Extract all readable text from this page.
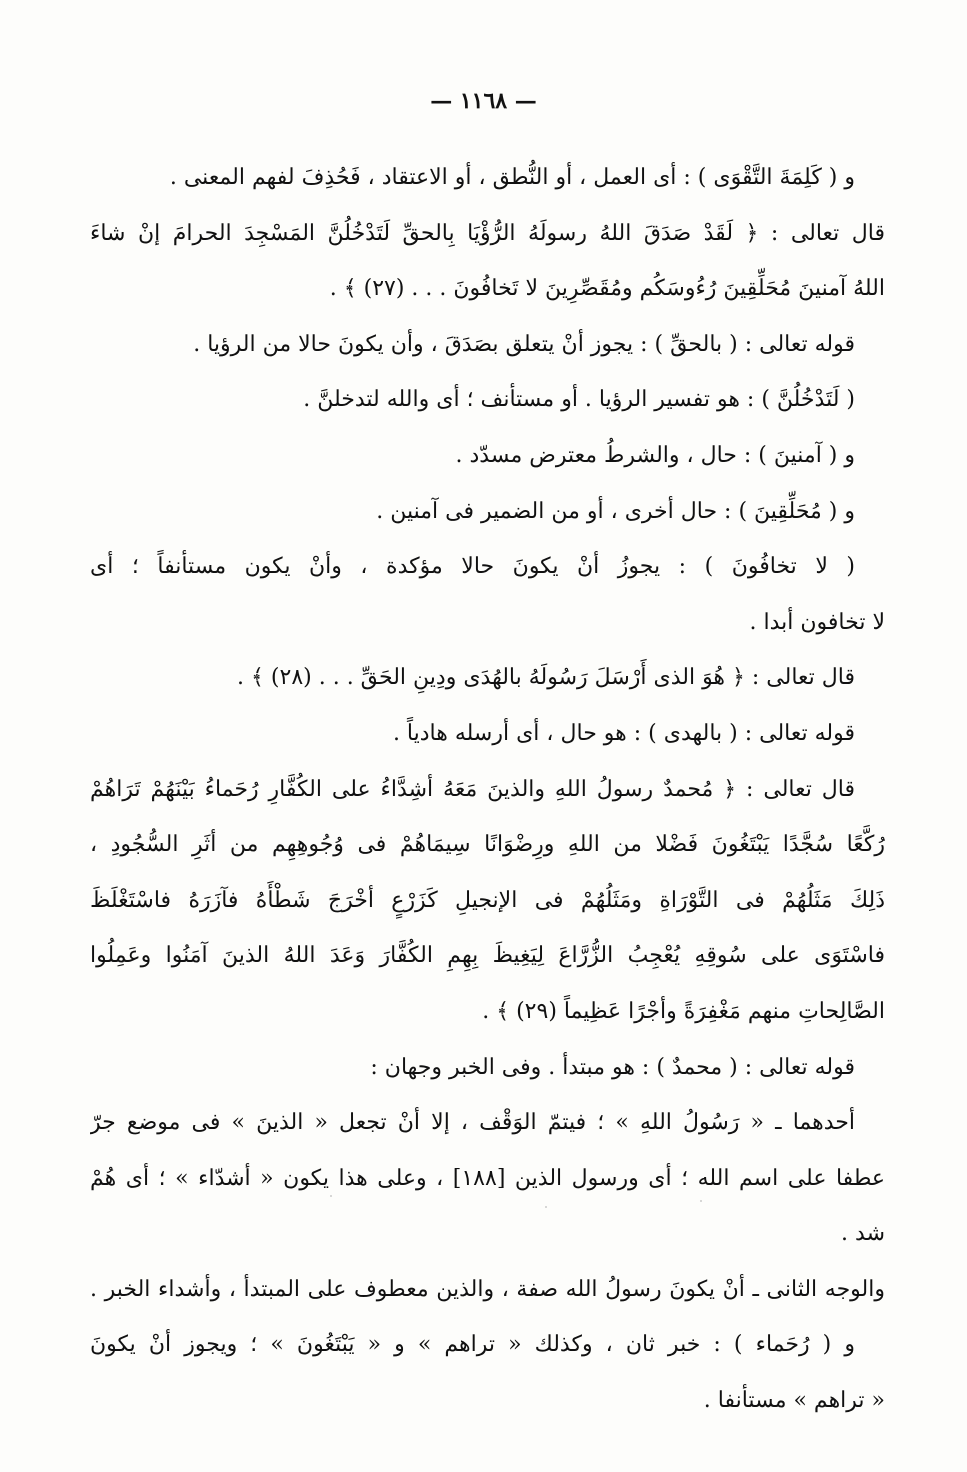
— ١١٦٨ —
و ( كَلِمَةَ التَّقْوَى ) : أى العمل ، أو النُّطق ، أو الاعتقاد ، فَحُذِفَ لفهم المعنى .
قال تعالى : ﴿ لَقَدْ صَدَقَ اللهُ رسولَهُ الرُّؤْيَا بِالحقِّ لَتَدْخُلُنَّ المَسْجِدَ الحرامَ إنْ شاءَ
اللهُ آمنينَ مُحَلِّقِينَ رُءُوسَكُم ومُقَصِّرِينَ لا تَخافُونَ . . . (٢٧) ﴾ .
قوله تعالى : ( بالحقِّ ) : يجوز أنْ يتعلق بصَدَقَ ، وأن يكونَ حالا من الرؤيا .
( لَتَدْخُلُنَّ ) : هو تفسير الرؤيا . أو مستأنف ؛ أى والله لتدخلنَّ .
و ( آمنينَ ) : حال ، والشرطُ معترض مسدّد .
و ( مُحَلِّقِينَ ) : حال أخرى ، أو من الضمير فى آمنين .
( لا تخافُونَ ) : يجوزُ أنْ يكونَ حالا مؤكدة ، وأنْ يكون مستأنفاً ؛ أى
لا تخافون أبدا .
قال تعالى : ﴿ هُوَ الذى أَرْسَلَ رَسُولَهُ بالهُدَى ودِينِ الحَقِّ . . . (٢٨) ﴾ .
قوله تعالى : ( بالهدى ) : هو حال ، أى أرسله هادياً .
قال تعالى : ﴿ مُحمدٌ رسولُ اللهِ والذينَ مَعَهُ أشِدَّاءُ على الكُفَّارِ رُحَماءُ بَيْنَهُمْ تَرَاهُمْ
رُكَّعًا سُجَّدًا يَبْتَغُونَ فَضْلا من اللهِ ورِضْوَانًا سِيمَاهُمْ فى وُجُوهِهِم من أثَرِ السُّجُودِ ،
ذَلِكَ مَثَلُهُمْ فى التَّوْرَاةِ ومَثَلُهُمْ فى الإنجيلِ كَزَرْعٍ أخْرَجَ شَطْأَهُ فآزَرَهُ فاسْتَغْلَظَ
فاسْتَوَى على سُوقِهِ يُعْجِبُ الزُّرَّاعَ لِيَغِيظَ بِهِمِ الكُفَّارَ وَعَدَ اللهُ الذينَ آمَنُوا وعَمِلُوا
الصَّالِحاتِ منهم مَغْفِرَةً وأجْرًا عَظِيماً (٢٩) ﴾ .
قوله تعالى : ( محمدٌ ) : هو مبتدأ . وفى الخبر وجهان :
أحدهما ـ « رَسُولُ اللهِ » ؛ فيتمّ الوَقْف ، إلا أنْ تجعل « الذينَ » فى موضع جرّ
عطفا على اسم الله ؛ أى ورسول الذين [١٨٨] ، وعلى هذا يكون « أشدّاء » ؛ أى هُمْ
شد .
والوجه الثانى ـ أنْ يكونَ رسولُ الله صفة ، والذين معطوف على المبتدأ ، وأشداء الخبر .
و ( رُحَماء ) : خبر ثان ، وكذلك « تراهم » و « يَبْتَغُونَ » ؛ ويجوز أنْ يكونَ
« تراهم » مستأنفا .
